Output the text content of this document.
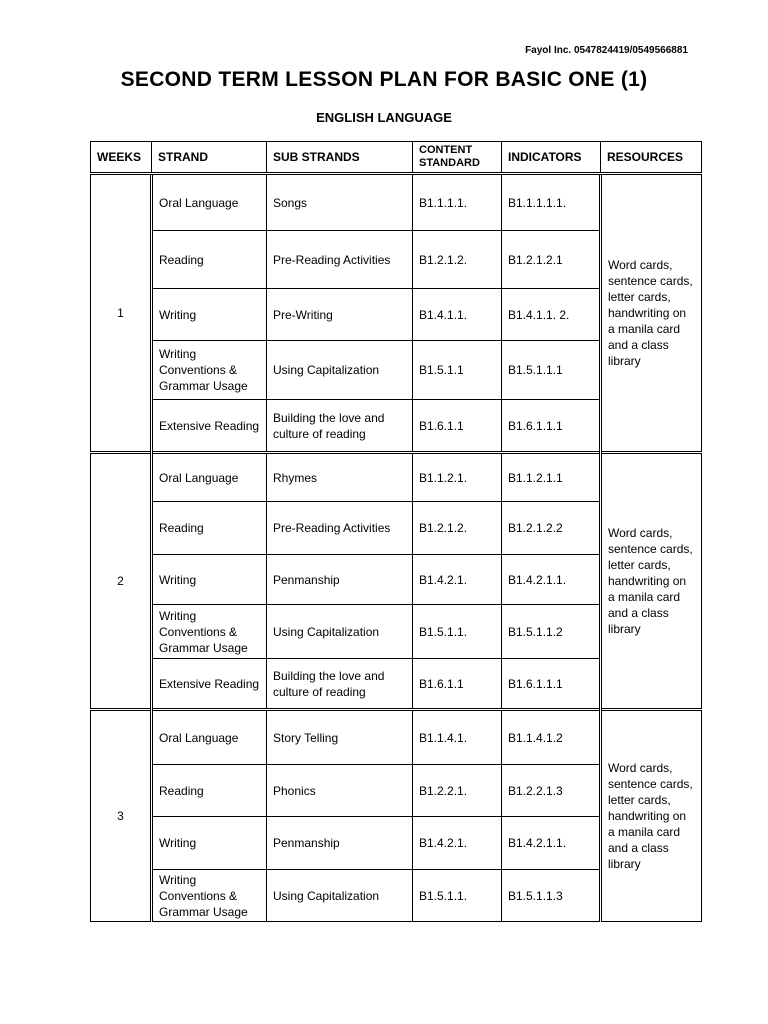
Fayol Inc. 0547824419/0549566881
SECOND TERM LESSON PLAN FOR BASIC ONE (1)
ENGLISH LANGUAGE
WEEKS	STRAND	SUB STRANDS	CONTENT STANDARD	INDICATORS	RESOURCES
1	Oral Language	Songs	B1.1.1.1.	B1.1.1.1.1.	Word cards, sentence cards, letter cards, handwriting on a manila card and a class library
	Reading	Pre-Reading Activities	B1.2.1.2.	B1.2.1.2.1	
	Writing	Pre-Writing	B1.4.1.1.	B1.4.1.1. 2.	
	Writing Conventions & Grammar Usage	Using Capitalization	B1.5.1.1	B1.5.1.1.1	
	Extensive Reading	Building the love and culture of reading	B1.6.1.1	B1.6.1.1.1	
2	Oral Language	Rhymes	B1.1.2.1.	B1.1.2.1.1	Word cards, sentence cards, letter cards, handwriting on a manila card and a class library
	Reading	Pre-Reading Activities	B1.2.1.2.	B1.2.1.2.2	
	Writing	Penmanship	B1.4.2.1.	B1.4.2.1.1.	
	Writing Conventions & Grammar Usage	Using Capitalization	B1.5.1.1.	B1.5.1.1.2	
	Extensive Reading	Building the love and culture of reading	B1.6.1.1	B1.6.1.1.1	
3	Oral Language	Story Telling	B1.1.4.1.	B1.1.4.1.2	Word cards, sentence cards, letter cards, handwriting on a manila card and a class library
	Reading	Phonics	B1.2.2.1.	B1.2.2.1.3	
	Writing	Penmanship	B1.4.2.1.	B1.4.2.1.1.	
	Writing Conventions & Grammar Usage	Using Capitalization	B1.5.1.1.	B1.5.1.1.3	
